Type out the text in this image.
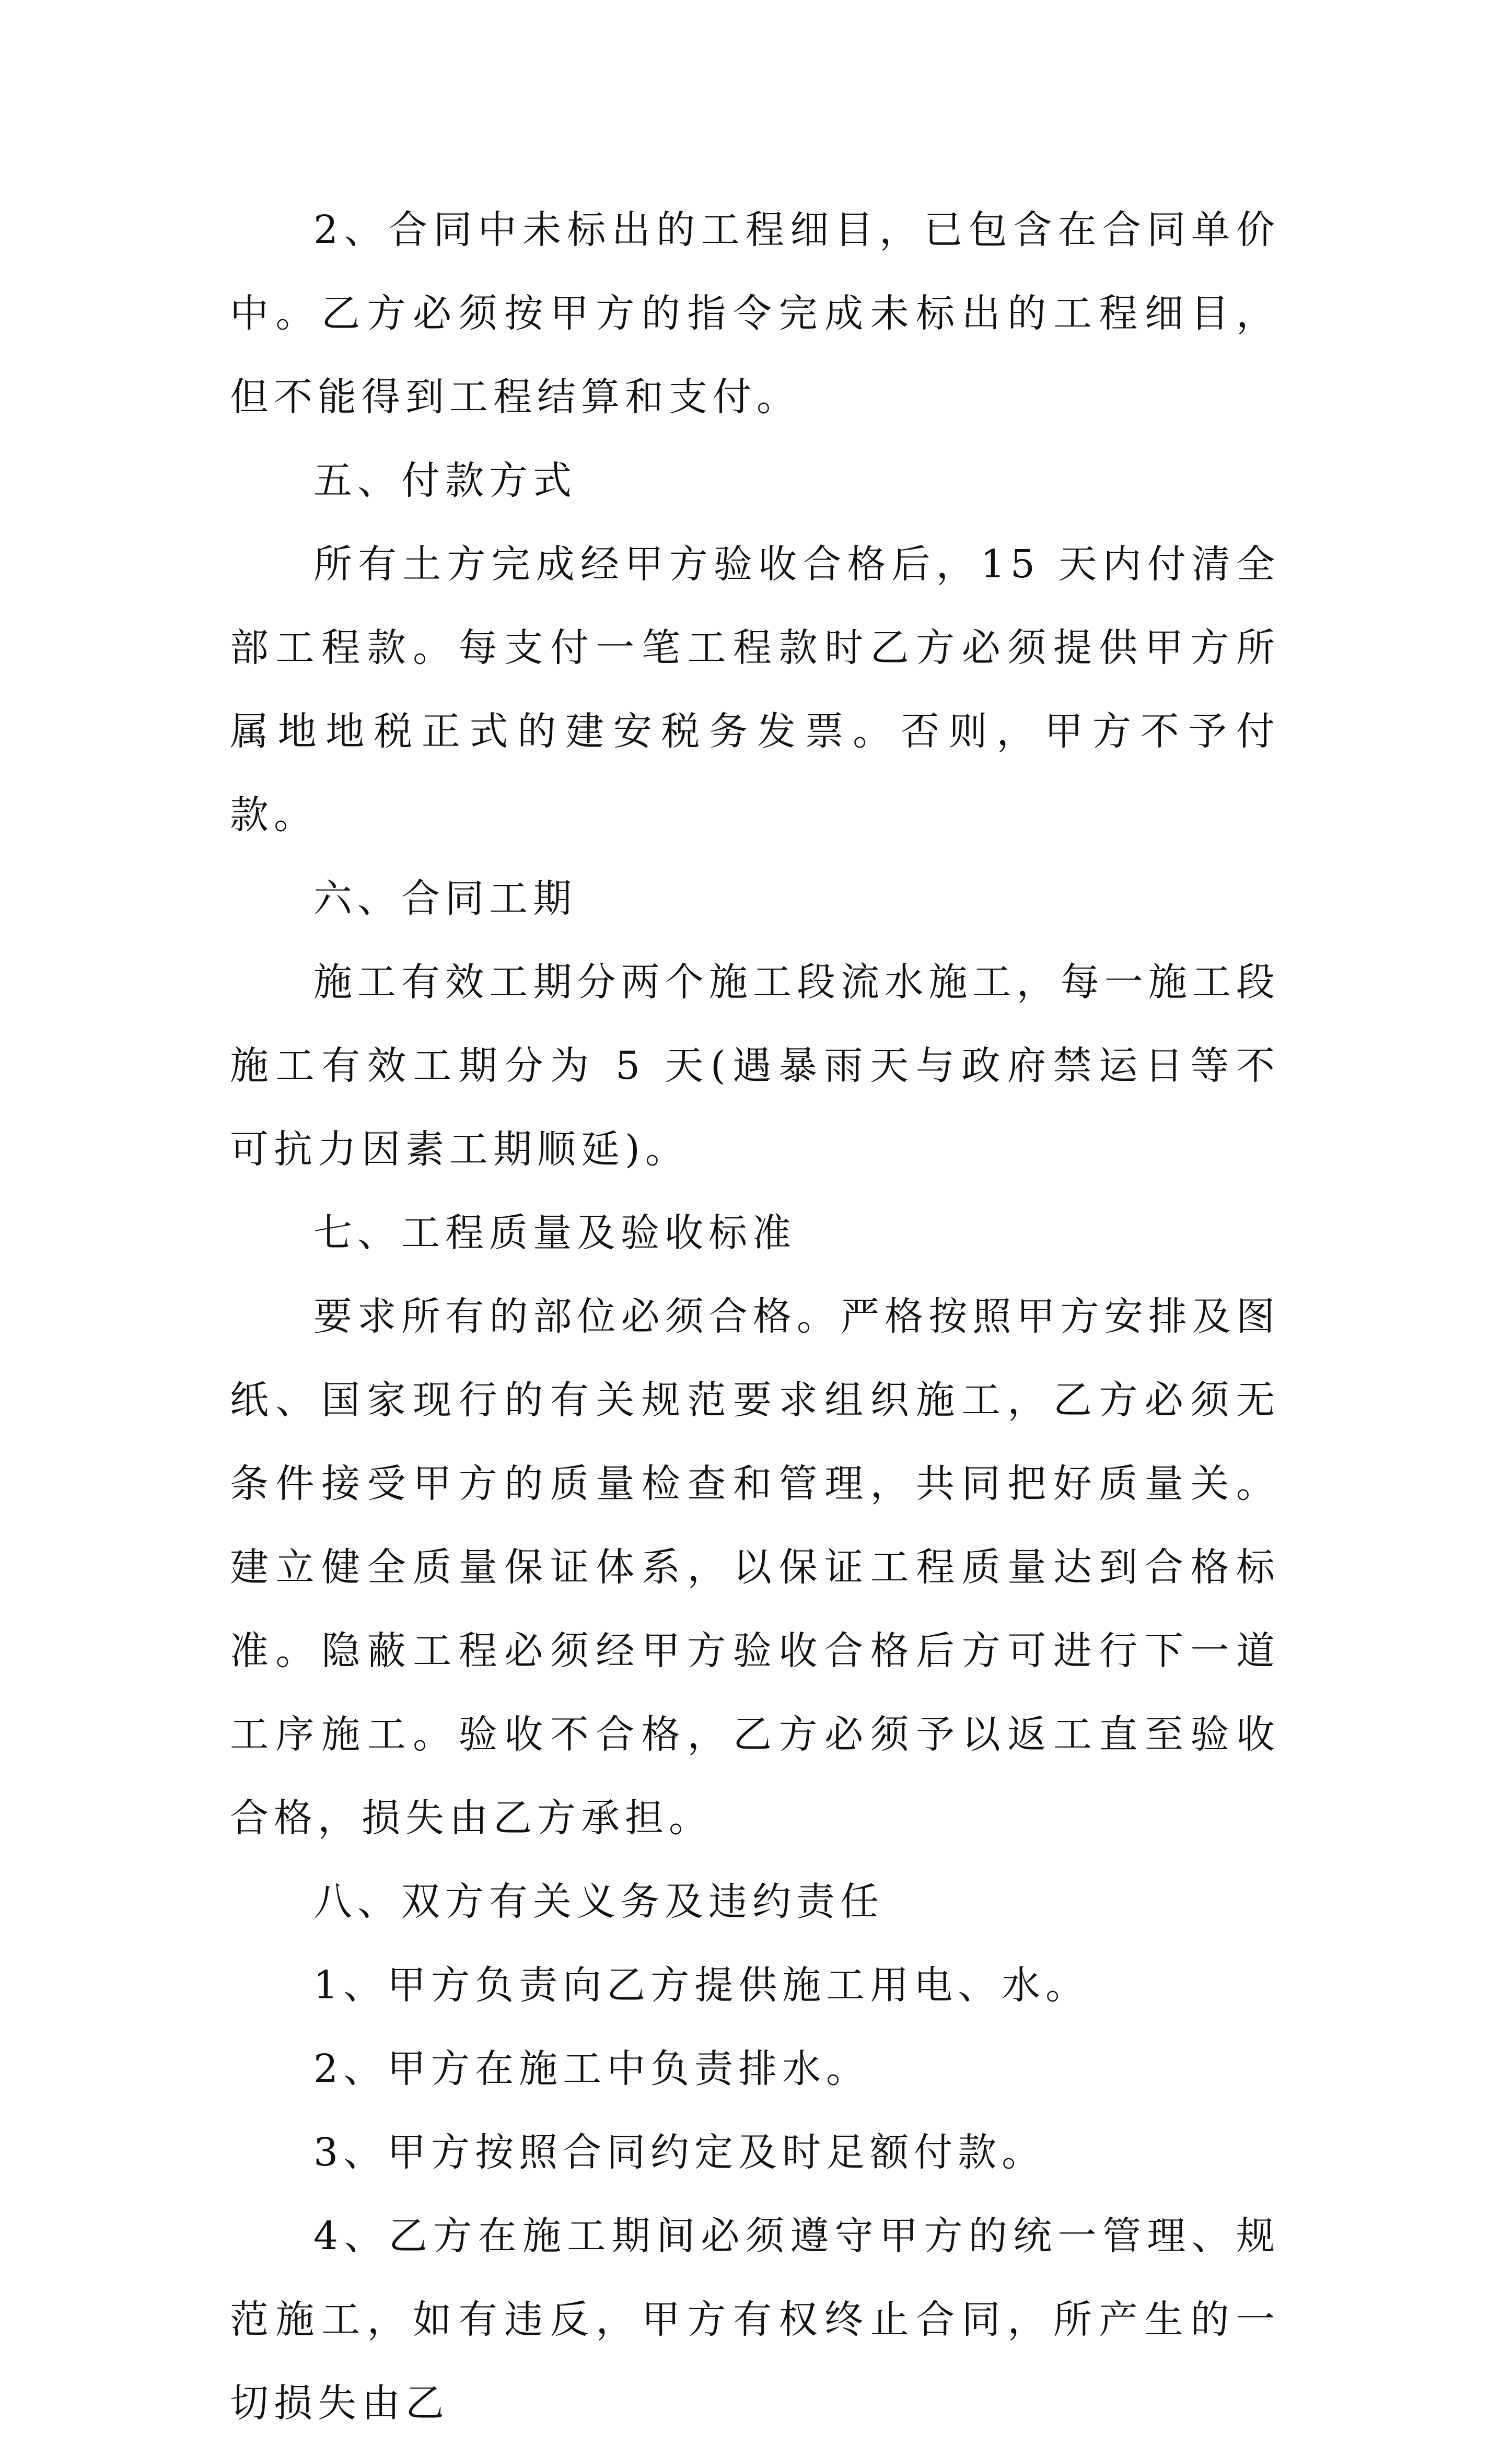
2、合同中未标出的工程细目，已包含在合同单价中。乙方必须按甲方的指令完成未标出的工程细目，但不能得到工程结算和支付。

五、付款方式

所有土方完成经甲方验收合格后，15 天内付清全部工程款。每支付一笔工程款时乙方必须提供甲方所属地地税正式的建安税务发票。否则，甲方不予付款。

六、合同工期

施工有效工期分两个施工段流水施工，每一施工段施工有效工期分为 5 天(遇暴雨天与政府禁运日等不可抗力因素工期顺延)。

七、工程质量及验收标准

要求所有的部位必须合格。严格按照甲方安排及图纸、国家现行的有关规范要求组织施工，乙方必须无条件接受甲方的质量检查和管理，共同把好质量关。建立健全质量保证体系，以保证工程质量达到合格标准。隐蔽工程必须经甲方验收合格后方可进行下一道工序施工。验收不合格，乙方必须予以返工直至验收合格，损失由乙方承担。

八、双方有关义务及违约责任

1、甲方负责向乙方提供施工用电、水。

2、甲方在施工中负责排水。

3、甲方按照合同约定及时足额付款。

4、乙方在施工期间必须遵守甲方的统一管理、规范施工，如有违反，甲方有权终止合同，所产生的一切损失由乙
